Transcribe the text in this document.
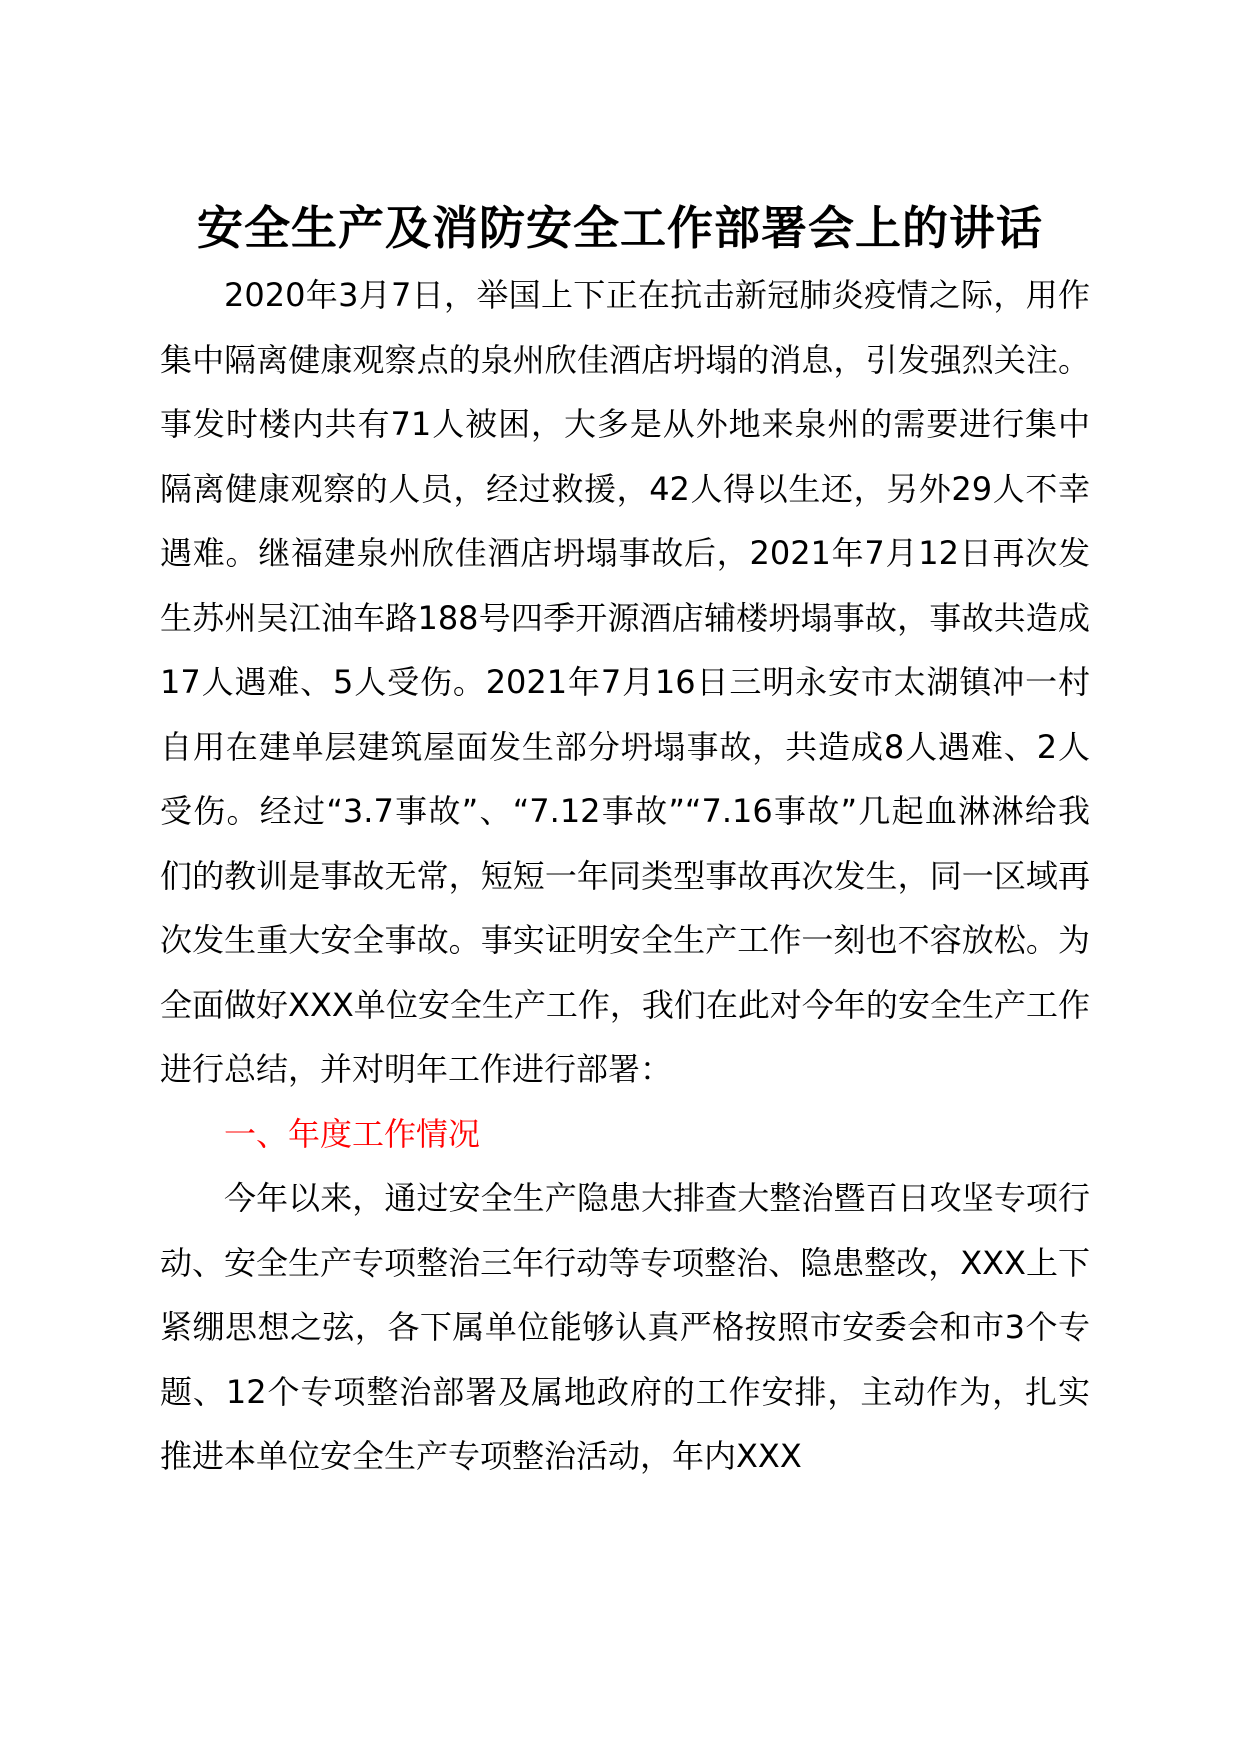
安全生产及消防安全工作部署会上的讲话

2020年3月7日，举国上下正在抗击新冠肺炎疫情之际，用作集中隔离健康观察点的泉州欣佳酒店坍塌的消息，引发强烈关注。事发时楼内共有71人被困，大多是从外地来泉州的需要进行集中隔离健康观察的人员，经过救援，42人得以生还，另外29人不幸遇难。继福建泉州欣佳酒店坍塌事故后，2021年7月12日再次发生苏州吴江油车路188号四季开源酒店辅楼坍塌事故，事故共造成17人遇难、5人受伤。2021年7月16日三明永安市太湖镇冲一村自用在建单层建筑屋面发生部分坍塌事故，共造成8人遇难、2人受伤。经过“3.7事故”、“7.12事故”“7.16事故”几起血淋淋给我们的教训是事故无常，短短一年同类型事故再次发生，同一区域再次发生重大安全事故。事实证明安全生产工作一刻也不容放松。为全面做好XXX单位安全生产工作，我们在此对今年的安全生产工作进行总结，并对明年工作进行部署：

一、年度工作情况

今年以来，通过安全生产隐患大排查大整治暨百日攻坚专项行动、安全生产专项整治三年行动等专项整治、隐患整改，XXX上下紧绷思想之弦，各下属单位能够认真严格按照市安委会和市3个专题、12个专项整治部署及属地政府的工作安排，主动作为，扎实推进本单位安全生产专项整治活动，年内XXX
